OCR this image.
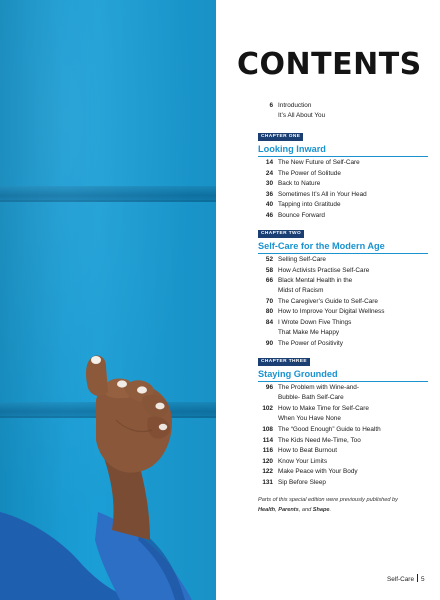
CONTENTS
6 Introduction
It’s All About You
CHAPTER ONE
Looking Inward
14 The New Future of Self-Care
24 The Power of Solitude
30 Back to Nature
36 Sometimes It’s All in Your Head
40 Tapping into Gratitude
46 Bounce Forward
CHAPTER TWO
Self-Care for the Modern Age
52 Selling Self-Care
58 How Activists Practise Self-Care
66 Black Mental Health in the
Midst of Racism
70 The Caregiver’s Guide to Self-Care
80 How to Improve Your Digital Wellness
84 I Wrote Down Five Things
That Make Me Happy
90 The Power of Positivity
CHAPTER THREE
Staying Grounded
96 The Problem with Wine-and-
Bubble- Bath Self-Care
102 How to Make Time for Self-Care
When You Have None
108 The “Good Enough” Guide to Health
114 The Kids Need Me-Time, Too
116 How to Beat Burnout
120 Know Your Limits
122 Make Peace with Your Body
131 Sip Before Sleep
Parts of this special edition were previously published by Health, Parents, and Shape.
Self-Care 5
